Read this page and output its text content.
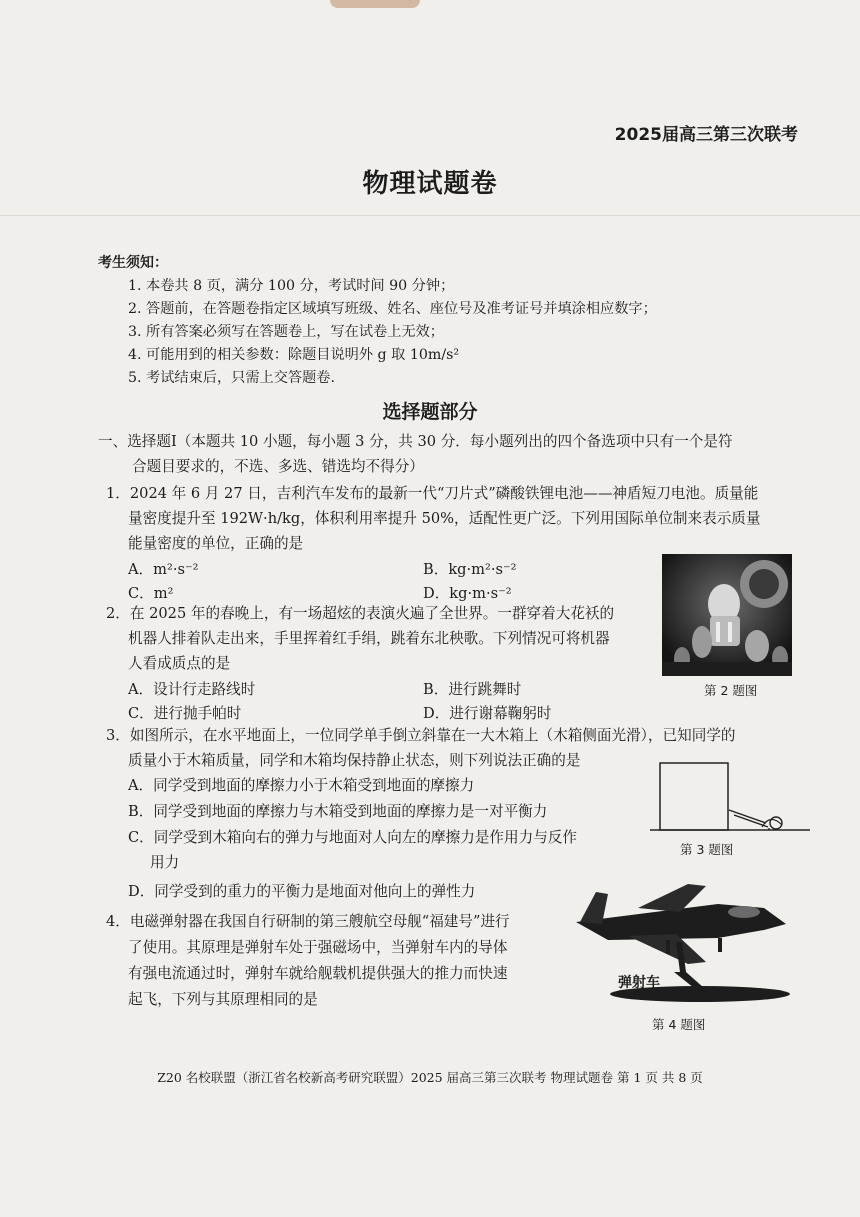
2025届高三第三次联考
物理试题卷
考生须知：
1. 本卷共 8 页，满分 100 分，考试时间 90 分钟；
2. 答题前，在答题卷指定区域填写班级、姓名、座位号及准考证号并填涂相应数字；
3. 所有答案必须写在答题卷上，写在试卷上无效；
4. 可能用到的相关参数：除题目说明外 g 取 10m/s²
5. 考试结束后，只需上交答题卷.
选择题部分
一、选择题Ⅰ（本题共 10 小题，每小题 3 分，共 30 分．每小题列出的四个备选项中只有一个是符
合题目要求的，不选、多选、错选均不得分）
1．2024 年 6 月 27 日，吉利汽车发布的最新一代“刀片式”磷酸铁锂电池——神盾短刀电池。质量能
量密度提升至 192W·h/kg，体积利用率提升 50%，适配性更广泛。下列用国际单位制来表示质量
能量密度的单位，正确的是
A．m²·s⁻²	B．kg·m²·s⁻²
C．m²	D．kg·m·s⁻²
第 2 题图
2．在 2025 年的春晚上，有一场超炫的表演火遍了全世界。一群穿着大花袄的
机器人排着队走出来，手里挥着红手绢，跳着东北秧歌。下列情况可将机器
人看成质点的是
A．设计行走路线时	B．进行跳舞时
C．进行抛手帕时	D．进行谢幕鞠躬时
3．如图所示，在水平地面上，一位同学单手倒立斜靠在一大木箱上（木箱侧面光滑），已知同学的
质量小于木箱质量，同学和木箱均保持静止状态，则下列说法正确的是
A．同学受到地面的摩擦力小于木箱受到地面的摩擦力
B．同学受到地面的摩擦力与木箱受到地面的摩擦力是一对平衡力
C．同学受到木箱向右的弹力与地面对人向左的摩擦力是作用力与反作
用力
D．同学受到的重力的平衡力是地面对他向上的弹性力
第 3 题图
4．电磁弹射器在我国自行研制的第三艘航空母舰“福建号”进行
了使用。其原理是弹射车处于强磁场中，当弹射车内的导体
有强电流通过时，弹射车就给舰载机提供强大的推力而快速
起飞，下列与其原理相同的是
弹射车
第 4 题图
Z20 名校联盟（浙江省名校新高考研究联盟）2025 届高三第三次联考 物理试题卷 第 1 页 共 8 页
